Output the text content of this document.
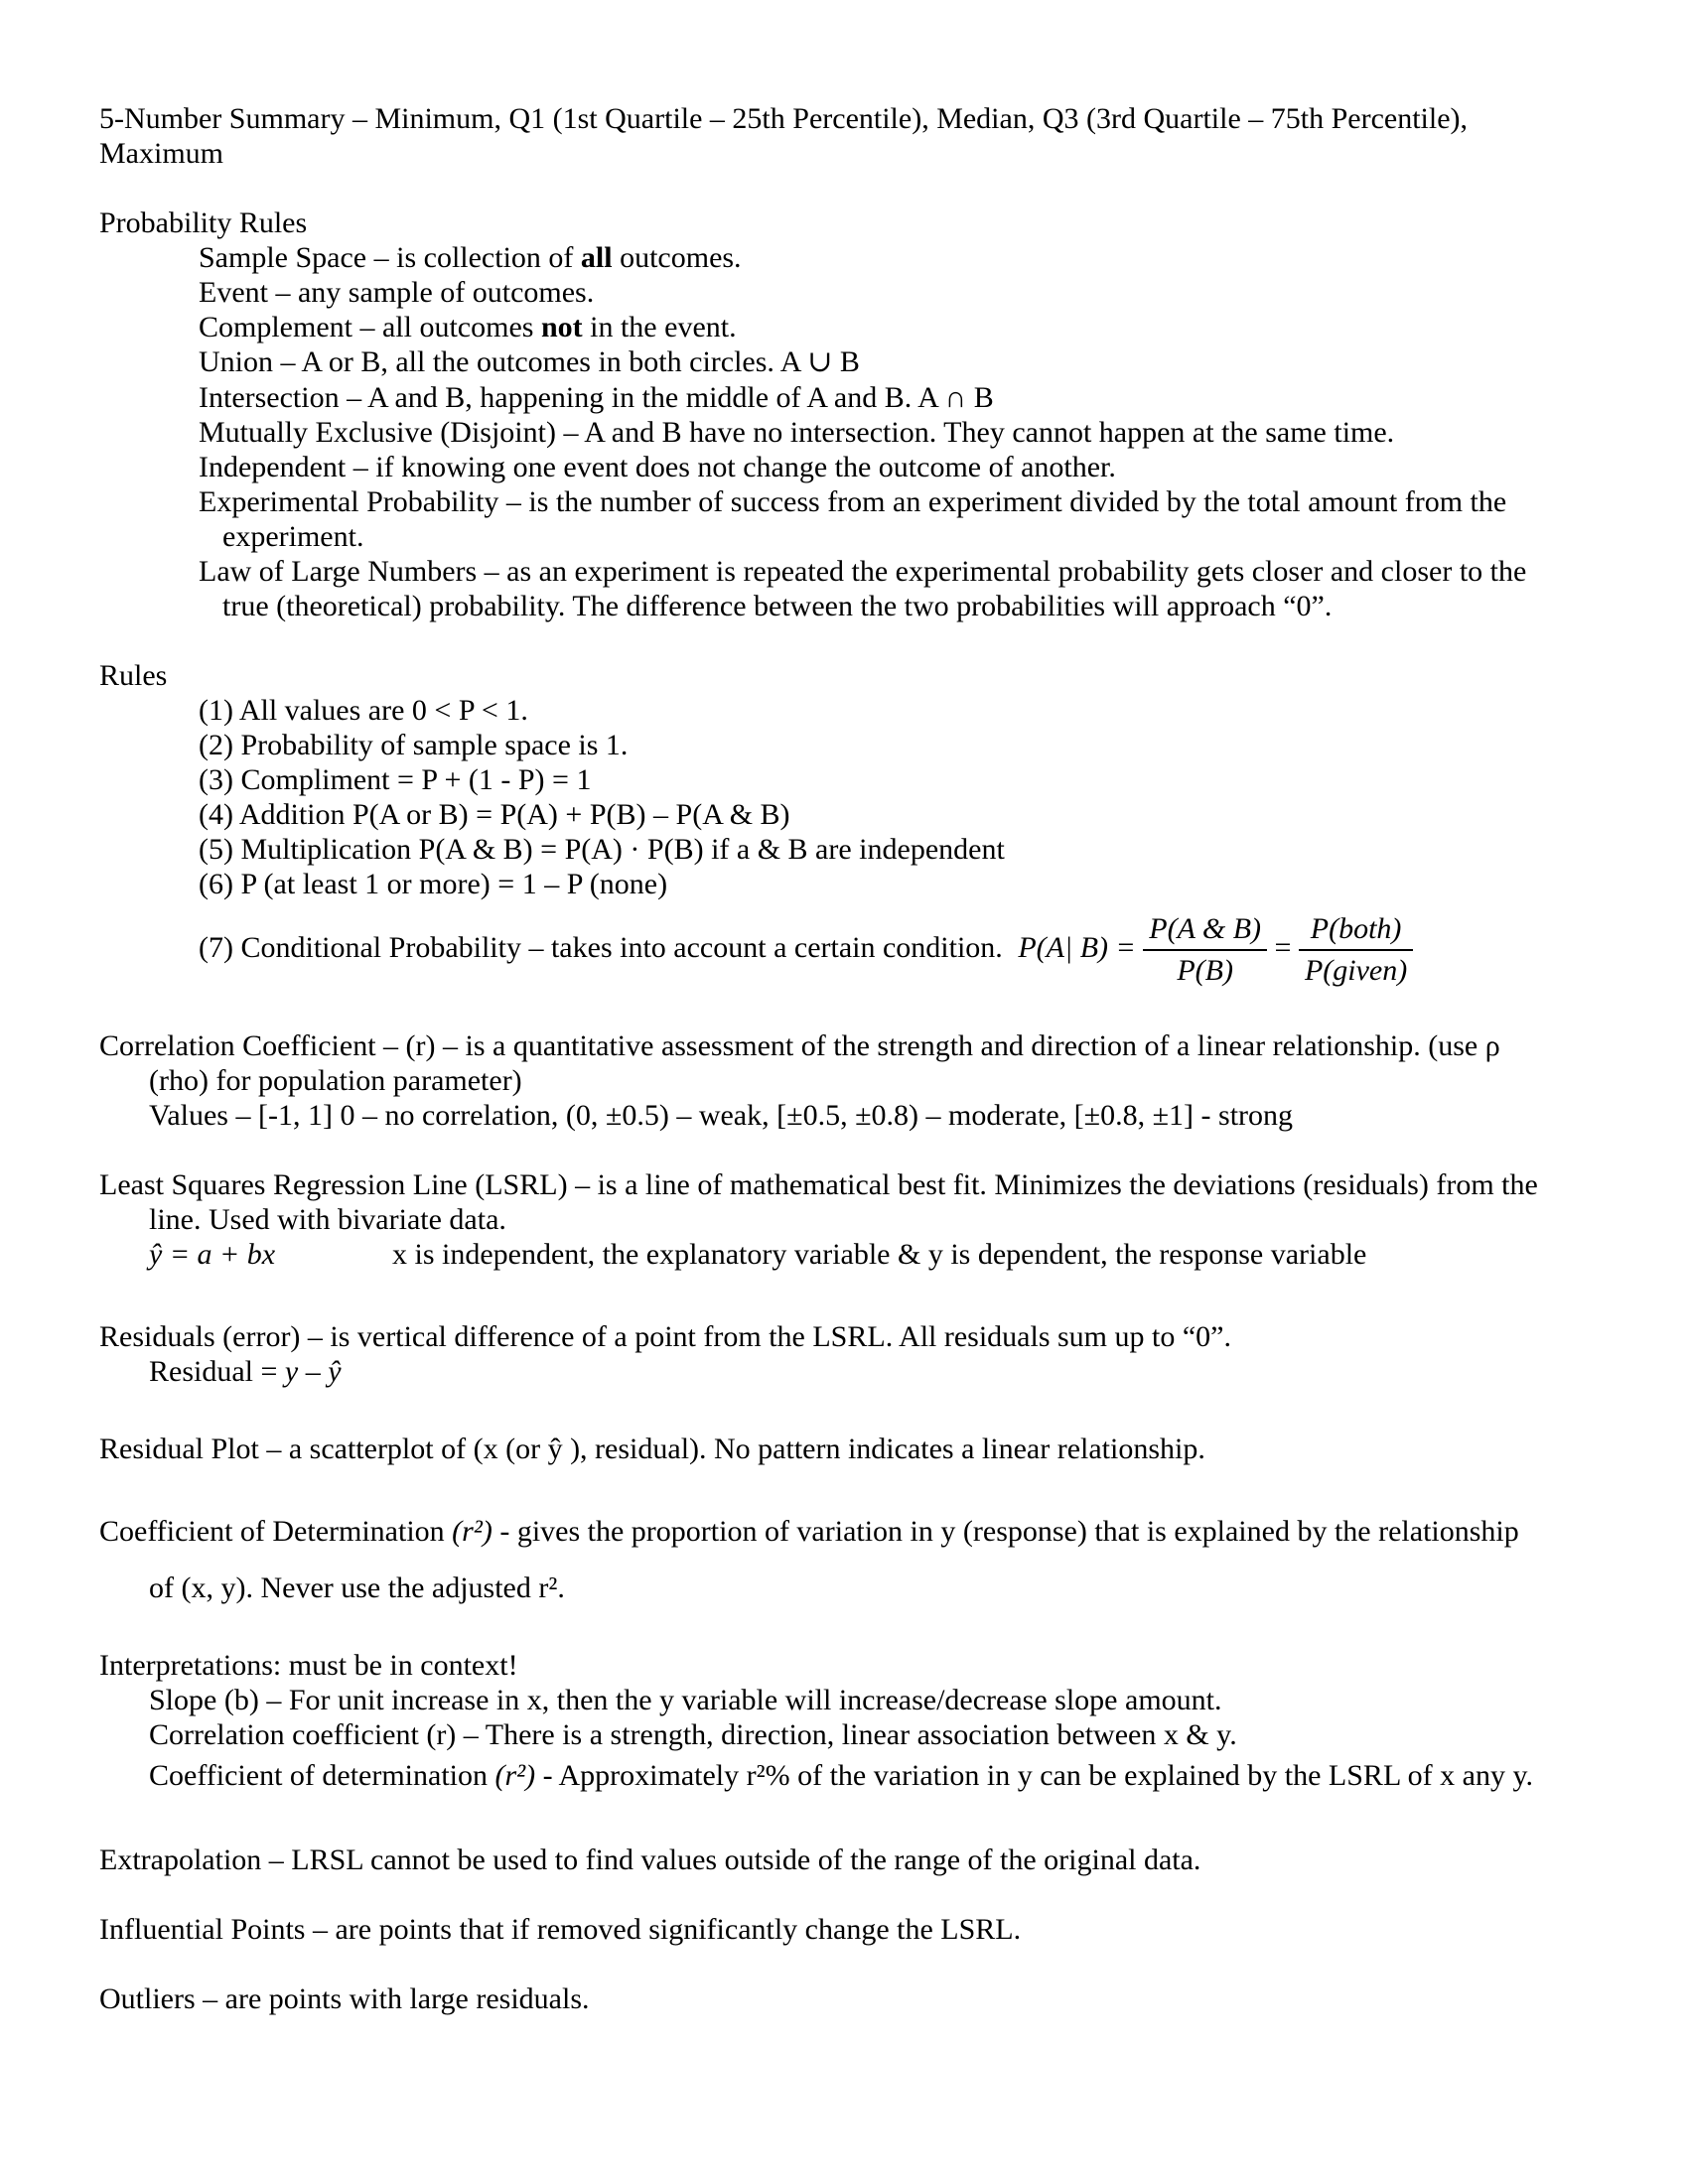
5-Number Summary – Minimum, Q1 (1st Quartile – 25th Percentile), Median, Q3 (3rd Quartile – 75th Percentile),
Maximum
Probability Rules
Sample Space – is collection of all outcomes.
Event – any sample of outcomes.
Complement – all outcomes not in the event.
Union – A or B, all the outcomes in both circles. A ∪ B
Intersection – A and B, happening in the middle of A and B. A ∩ B
Mutually Exclusive (Disjoint) – A and B have no intersection. They cannot happen at the same time.
Independent – if knowing one event does not change the outcome of another.
Experimental Probability – is the number of success from an experiment divided by the total amount from the
experiment.
Law of Large Numbers – as an experiment is repeated the experimental probability gets closer and closer to the
true (theoretical) probability. The difference between the two probabilities will approach “0”.
Rules
(1) All values are 0 < P < 1.
(2) Probability of sample space is 1.
(3) Compliment = P + (1 - P) = 1
(4) Addition P(A or B) = P(A) + P(B) – P(A & B)
(5) Multiplication P(A & B) = P(A) · P(B) if a & B are independent
(6) P (at least 1 or more) = 1 – P (none)
(7) Conditional Probability – takes into account a certain condition. P(A| $B) = \frac{P(A \& B)}{P(B)} = \frac{\text{P(both)}}{\text{P(given)}}$
Correlation Coefficient – (r) – is a quantitative assessment of the strength and direction of a linear relationship. (use ρ
(rho) for population parameter)
Values – [-1, 1] 0 – no correlation, (0, ±0.5) – weak, [±0.5, ±0.8) – moderate, [±0.8, ±1] - strong
Least Squares Regression Line (LSRL) – is a line of mathematical best fit. Minimizes the deviations (residuals) from the
line. Used with bivariate data.
ŷ = a + bx	x is independent, the explanatory variable & y is dependent, the response variable
Residuals (error) – is vertical difference of a point from the LSRL. All residuals sum up to “0”.
Residual = y – ŷ
Residual Plot – a scatterplot of (x (or ŷ ), residual). No pattern indicates a linear relationship.
Coefficient of Determination (r²) - gives the proportion of variation in y (response) that is explained by the relationship
of (x, y). Never use the adjusted r².
Interpretations: must be in context!
Slope (b) – For unit increase in x, then the y variable will increase/decrease slope amount.
Correlation coefficient (r) – There is a strength, direction, linear association between x & y.
Coefficient of determination (r²) - Approximately r²% of the variation in y can be explained by the LSRL of x any y.
Extrapolation – LRSL cannot be used to find values outside of the range of the original data.
Influential Points – are points that if removed significantly change the LSRL.
Outliers – are points with large residuals.
